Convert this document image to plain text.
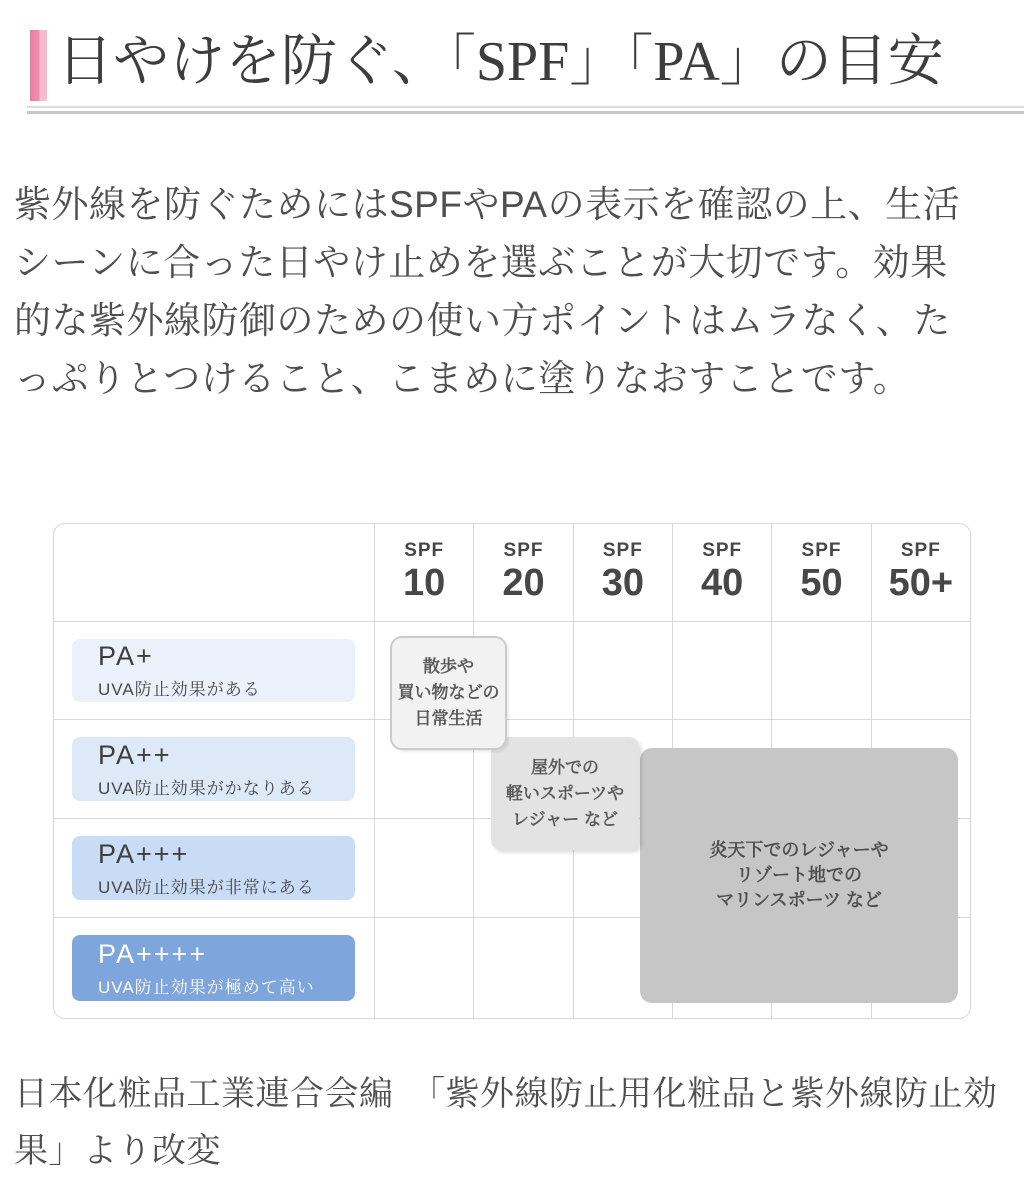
日やけを防ぐ、「SPF」「PA」の目安
紫外線を防ぐためにはSPFやPAの表示を確認の上、生活
シーンに合った日やけ止めを選ぶことが大切です。効果
的な紫外線防御のための使い方ポイントはムラなく、た
っぷりとつけること、こまめに塗りなおすことです。
SPF
10
SPF
20
SPF
30
SPF
40
SPF
50
SPF
50+
PA+
UVA防止効果がある
PA++
UVA防止効果がかなりある
PA+++
UVA防止効果が非常にある
PA++++
UVA防止効果が極めて高い
散歩や
買い物などの
日常生活
屋外での
軽いスポーツや
レジャー など
炎天下でのレジャーや
リゾート地での
マリンスポーツ など
日本化粧品工業連合会編　「紫外線防止用化粧品と紫外線防止効
果」より改変
